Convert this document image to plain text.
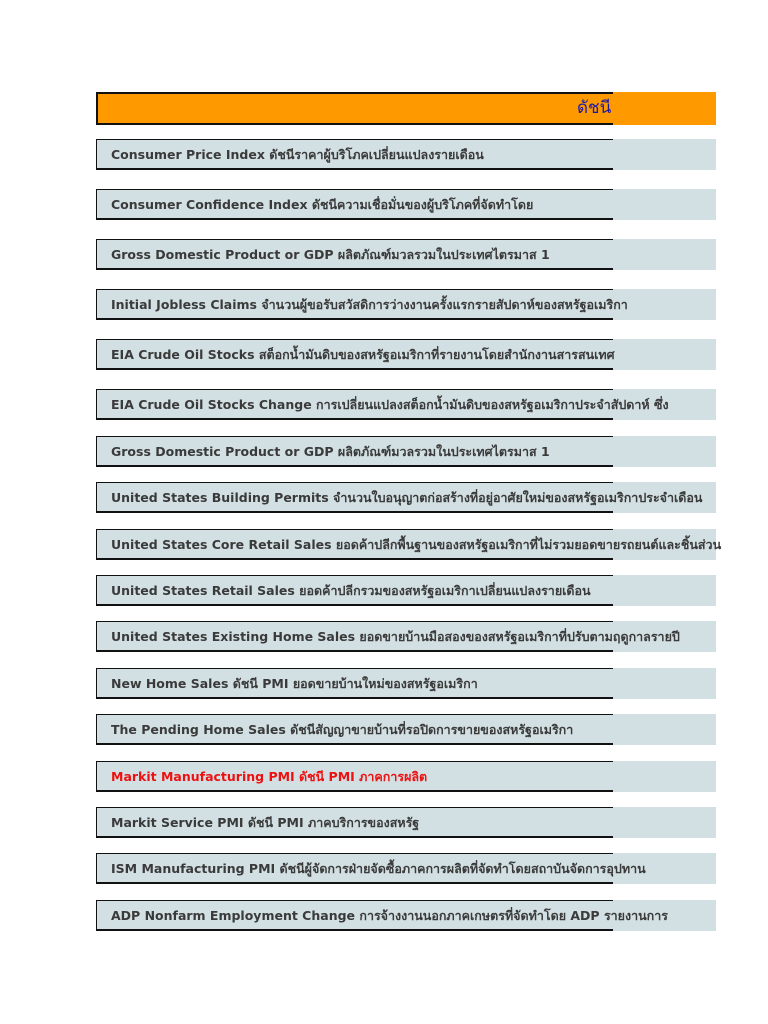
ดัชนี
Consumer Price Index ดัชนีราคาผู้บริโภคเปลี่ยนแปลงรายเดือน
Consumer Confidence Index ดัชนีความเชื่อมั่นของผู้บริโภคที่จัดทำโดย
Gross Domestic Product or GDP ผลิตภัณฑ์มวลรวมในประเทศไตรมาส 1
Initial Jobless Claims จำนวนผู้ขอรับสวัสดิการว่างงานครั้งแรกรายสัปดาห์ของสหรัฐอเมริกา
EIA Crude Oil Stocks สต็อกน้ำมันดิบของสหรัฐอเมริกาที่รายงานโดยสำนักงานสารสนเทศ
EIA Crude Oil Stocks Change การเปลี่ยนแปลงสต็อกน้ำมันดิบของสหรัฐอเมริกาประจำสัปดาห์ ซึ่ง
Gross Domestic Product or GDP ผลิตภัณฑ์มวลรวมในประเทศไตรมาส 1
United States Building Permits จำนวนใบอนุญาตก่อสร้างที่อยู่อาศัยใหม่ของสหรัฐอเมริกาประจำเดือน
United States Core Retail Sales ยอดค้าปลีกพื้นฐานของสหรัฐอเมริกาที่ไม่รวมยอดขายรถยนต์และชิ้นส่วน
United States Retail Sales ยอดค้าปลีกรวมของสหรัฐอเมริกาเปลี่ยนแปลงรายเดือน
United States Existing Home Sales ยอดขายบ้านมือสองของสหรัฐอเมริกาที่ปรับตามฤดูกาลรายปี
New Home Sales ดัชนี PMI ยอดขายบ้านใหม่ของสหรัฐอเมริกา
The Pending Home Sales ดัชนีสัญญาขายบ้านที่รอปิดการขายของสหรัฐอเมริกา
Markit Manufacturing PMI ดัชนี PMI ภาคการผลิต
Markit Service PMI ดัชนี PMI ภาคบริการของสหรัฐ
ISM Manufacturing PMI ดัชนีผู้จัดการฝ่ายจัดซื้อภาคการผลิตที่จัดทำโดยสถาบันจัดการอุปทาน
ADP Nonfarm Employment Change การจ้างงานนอกภาคเกษตรที่จัดทำโดย ADP รายงานการ
